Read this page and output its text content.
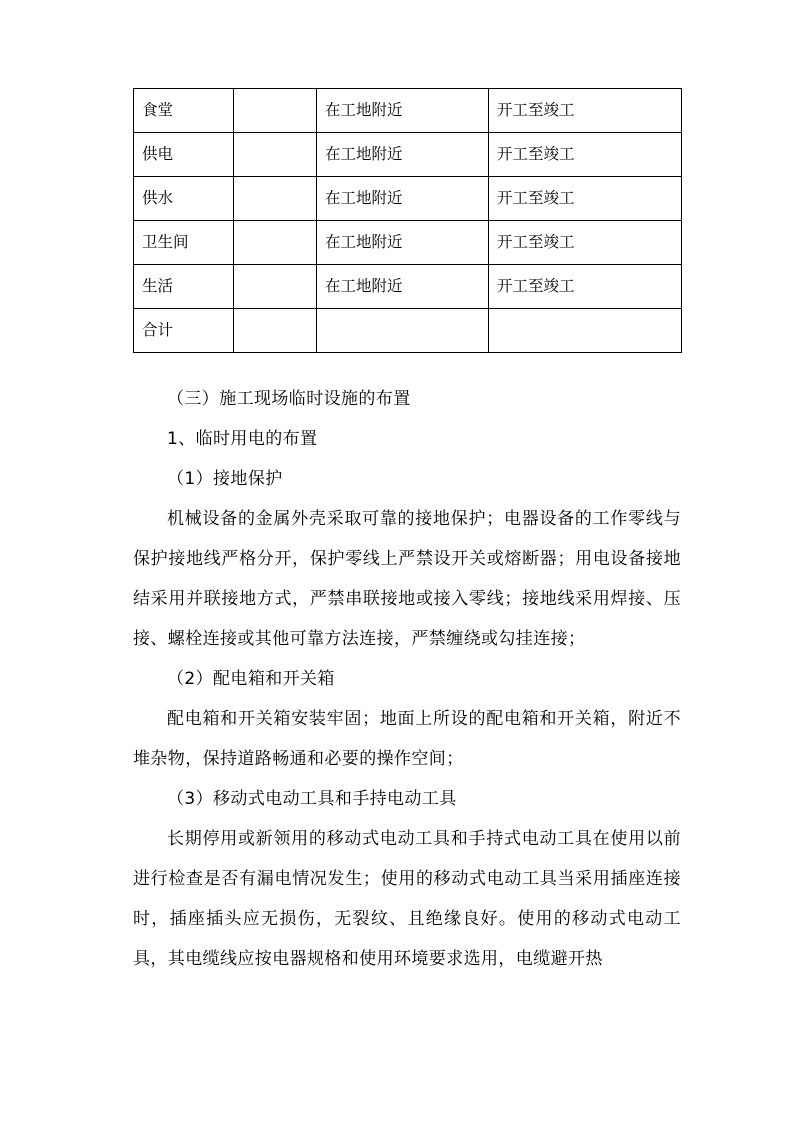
食堂		在工地附近	开工至竣工
供电		在工地附近	开工至竣工
供水		在工地附近	开工至竣工
卫生间		在工地附近	开工至竣工
生活		在工地附近	开工至竣工
合计			

（三）施工现场临时设施的布置

1、临时用电的布置

（1）接地保护

机械设备的金属外壳采取可靠的接地保护；电器设备的工作零线与保护接地线严格分开，保护零线上严禁设开关或熔断器；用电设备接地结采用并联接地方式，严禁串联接地或接入零线；接地线采用焊接、压接、螺栓连接或其他可靠方法连接，严禁缠绕或勾挂连接；

（2）配电箱和开关箱

配电箱和开关箱安装牢固；地面上所设的配电箱和开关箱，附近不堆杂物，保持道路畅通和必要的操作空间；

（3）移动式电动工具和手持电动工具

长期停用或新领用的移动式电动工具和手持式电动工具在使用以前进行检查是否有漏电情况发生；使用的移动式电动工具当采用插座连接时，插座插头应无损伤，无裂纹、且绝缘良好。使用的移动式电动工具，其电缆线应按电器规格和使用环境要求选用，电缆避开热
